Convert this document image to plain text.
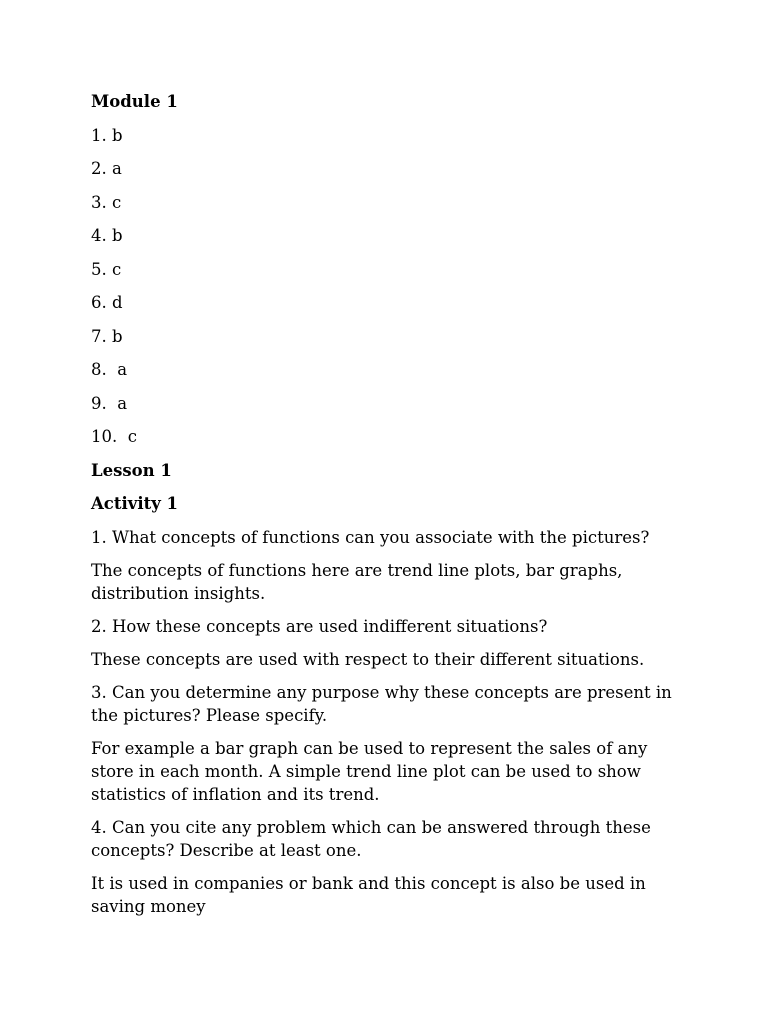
Module 1
1. b
2. a
3. c
4. b
5. c
6. d
7. b
8.  a
9.  a
10.  c
Lesson 1
Activity 1
1. What concepts of functions can you associate with the pictures?
The concepts of functions here are trend line plots, bar graphs, distribution insights.
2. How these concepts are used indifferent situations?
These concepts are used with respect to their different situations.
3. Can you determine any purpose why these concepts are present in the pictures? Please specify.
For example a bar graph can be used to represent the sales of any store in each month. A simple trend line plot can be used to show statistics of inflation and its trend.
4. Can you cite any problem which can be answered through these concepts? Describe at least one.
It is used in companies or bank and this concept is also be used in saving money
